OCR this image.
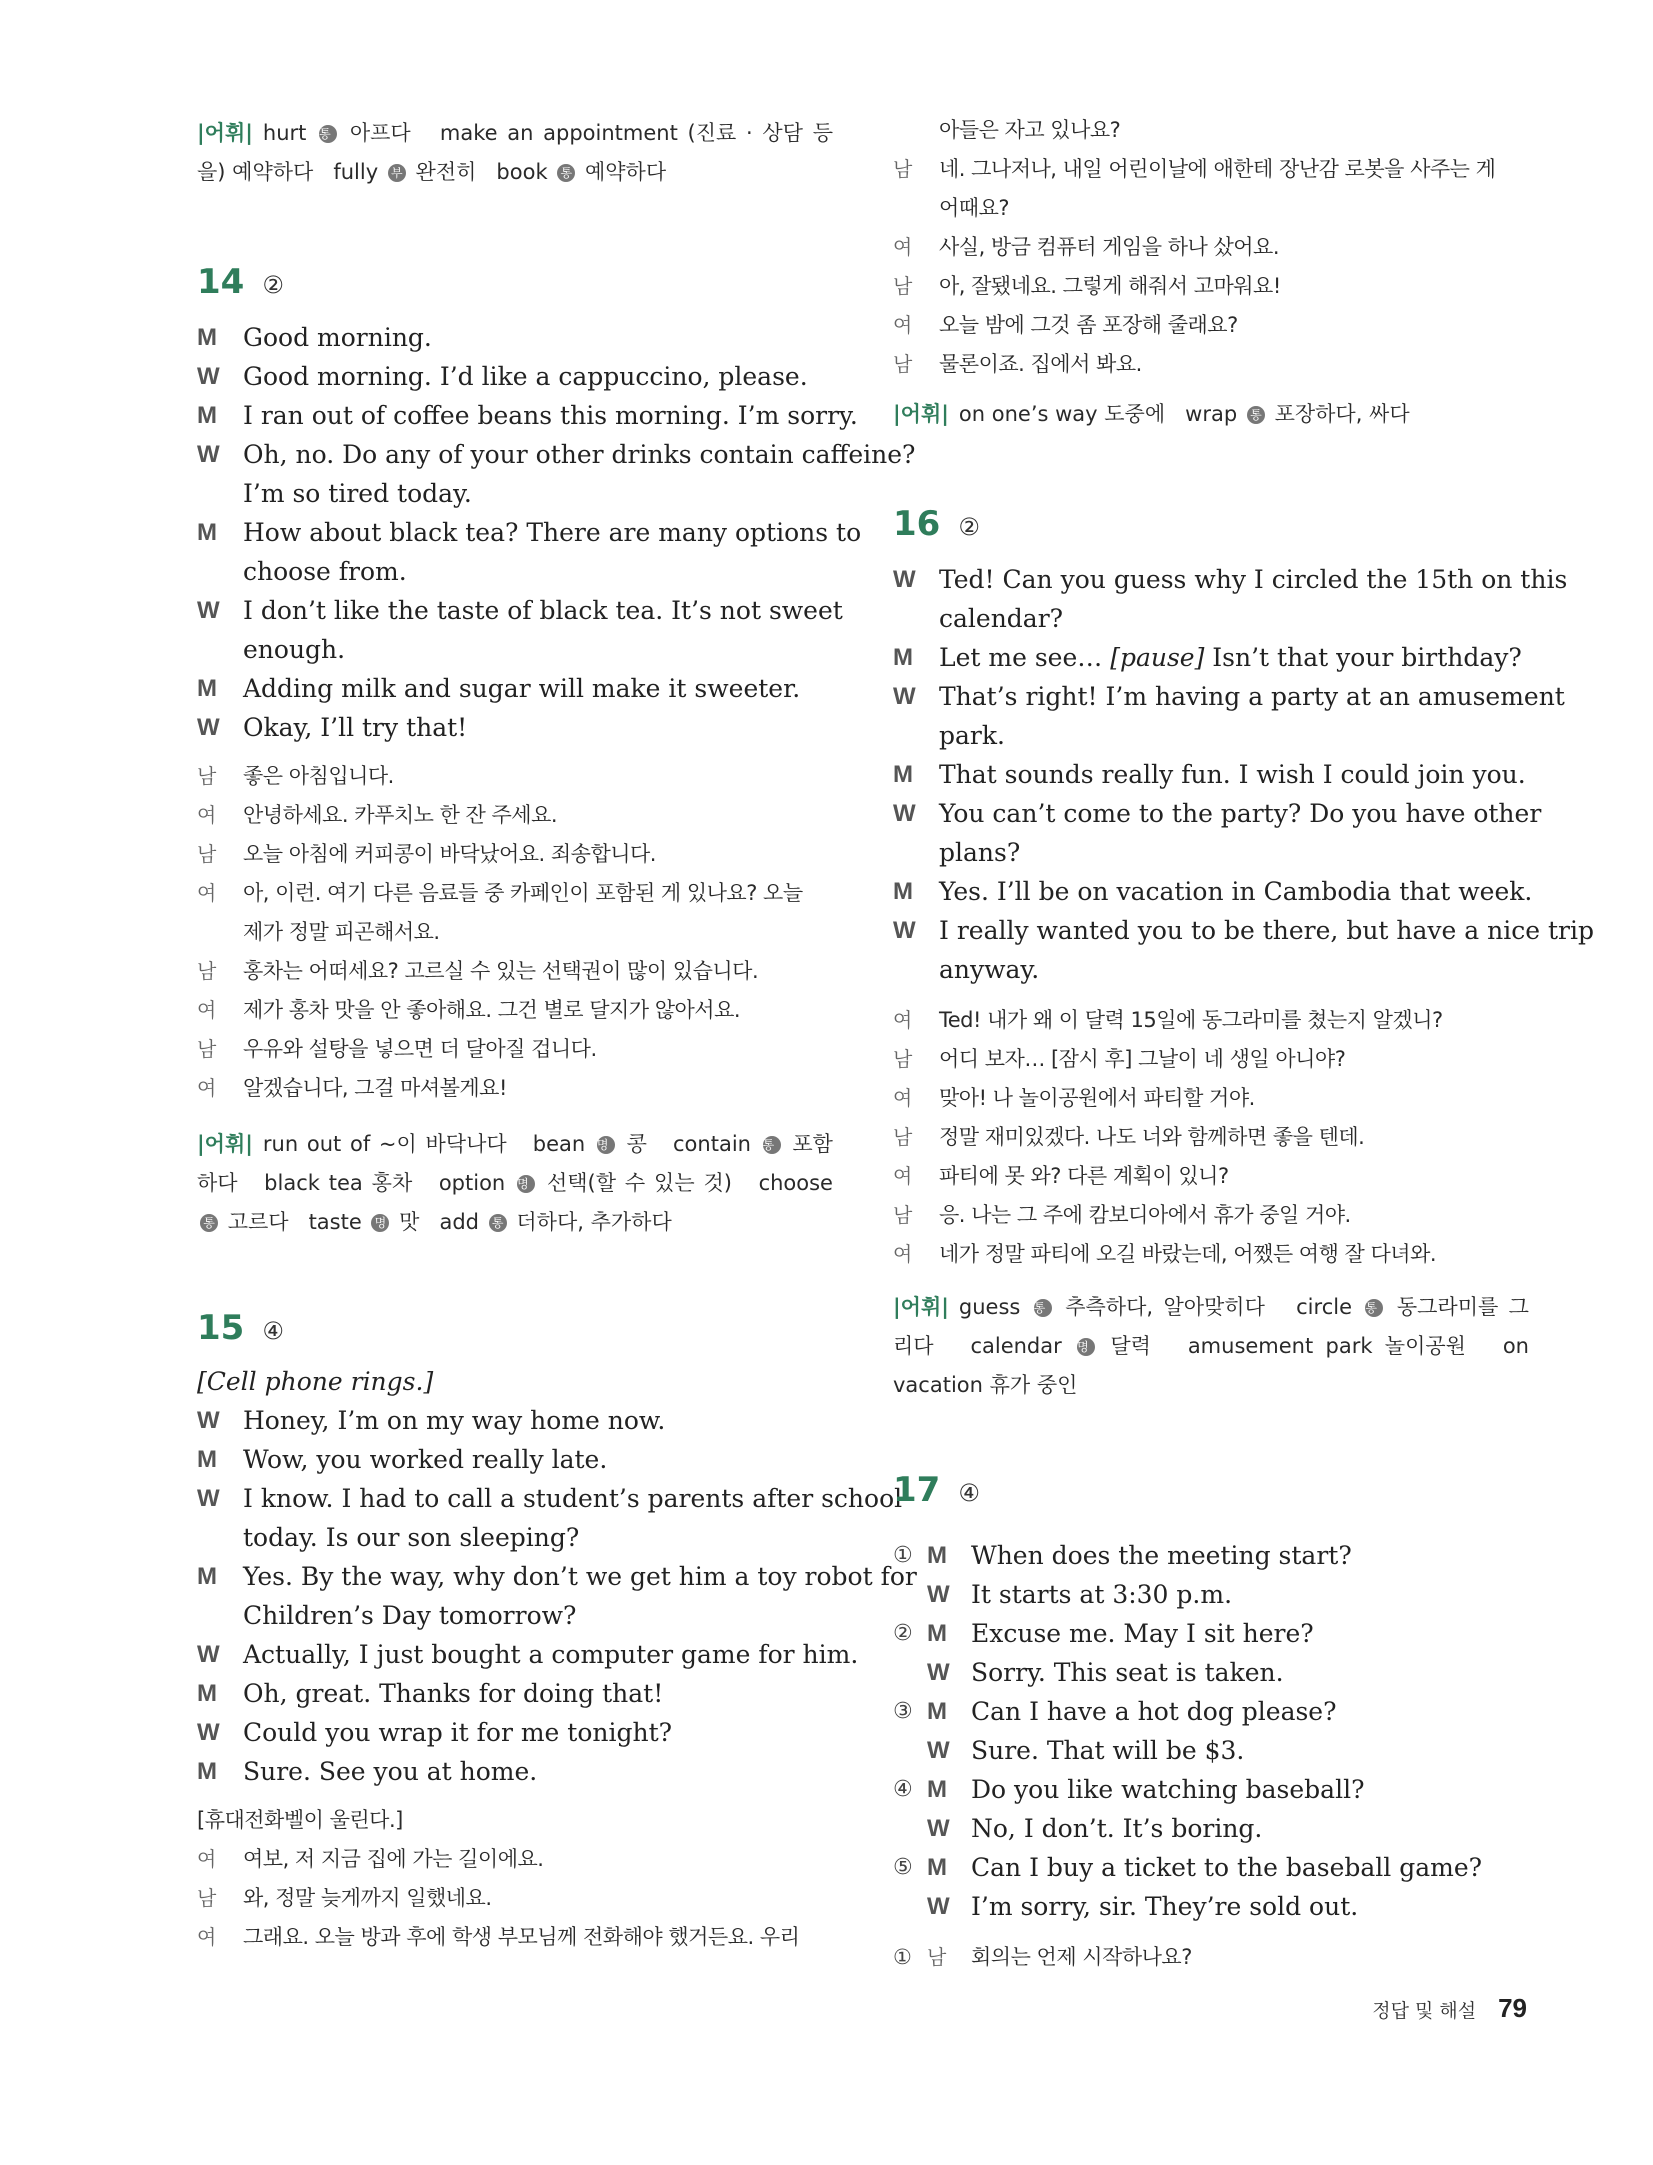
|어휘| hurt 통 아프다 make an appointment (진료 · 상담 등
을) 예약하다 fully 부 완전히 book 통 예약하다
14 ②
M Good morning.
W Good morning. I’d like a cappuccino, please.
M I ran out of coffee beans this morning. I’m sorry.
W Oh, no. Do any of your other drinks contain caffeine?
I’m so tired today.
M How about black tea? There are many options to
choose from.
W I don’t like the taste of black tea. It’s not sweet
enough.
M Adding milk and sugar will make it sweeter.
W Okay, I’ll try that!
남 좋은 아침입니다.
여 안녕하세요. 카푸치노 한 잔 주세요.
남 오늘 아침에 커피콩이 바닥났어요. 죄송합니다.
여 아, 이런. 여기 다른 음료들 중 카페인이 포함된 게 있나요? 오늘
제가 정말 피곤해서요.
남 홍차는 어떠세요? 고르실 수 있는 선택권이 많이 있습니다.
여 제가 홍차 맛을 안 좋아해요. 그건 별로 달지가 않아서요.
남 우유와 설탕을 넣으면 더 달아질 겁니다.
여 알겠습니다, 그걸 마셔볼게요!
|어휘| run out of ~이 바닥나다 bean 명 콩 contain 통 포함
하다 black tea 홍차 option 명 선택(할 수 있는 것) choose
통 고르다 taste 명 맛 add 통 더하다, 추가하다
15 ④
[Cell phone rings.]
W Honey, I’m on my way home now.
M Wow, you worked really late.
W I know. I had to call a student’s parents after school
today. Is our son sleeping?
M Yes. By the way, why don’t we get him a toy robot for
Children’s Day tomorrow?
W Actually, I just bought a computer game for him.
M Oh, great. Thanks for doing that!
W Could you wrap it for me tonight?
M Sure. See you at home.
[휴대전화벨이 울린다.]
여 여보, 저 지금 집에 가는 길이에요.
남 와, 정말 늦게까지 일했네요.
여 그래요. 오늘 방과 후에 학생 부모님께 전화해야 했거든요. 우리
아들은 자고 있나요?
남 네. 그나저나, 내일 어린이날에 애한테 장난감 로봇을 사주는 게
어때요?
여 사실, 방금 컴퓨터 게임을 하나 샀어요.
남 아, 잘됐네요. 그렇게 해줘서 고마워요!
여 오늘 밤에 그것 좀 포장해 줄래요?
남 물론이죠. 집에서 봐요.
|어휘| on one’s way 도중에 wrap 통 포장하다, 싸다
16 ②
W Ted! Can you guess why I circled the 15th on this
calendar?
M Let me see… [pause] Isn’t that your birthday?
W That’s right! I’m having a party at an amusement
park.
M That sounds really fun. I wish I could join you.
W You can’t come to the party? Do you have other
plans?
M Yes. I’ll be on vacation in Cambodia that week.
W I really wanted you to be there, but have a nice trip
anyway.
여 Ted! 내가 왜 이 달력 15일에 동그라미를 쳤는지 알겠니?
남 어디 보자… [잠시 후] 그날이 네 생일 아니야?
여 맞아! 나 놀이공원에서 파티할 거야.
남 정말 재미있겠다. 나도 너와 함께하면 좋을 텐데.
여 파티에 못 와? 다른 계획이 있니?
남 응. 나는 그 주에 캄보디아에서 휴가 중일 거야.
여 네가 정말 파티에 오길 바랐는데, 어쨌든 여행 잘 다녀와.
|어휘| guess 통 추측하다, 알아맞히다 circle 통 동그라미를 그
리다 calendar 명 달력 amusement park 놀이공원 on
vacation 휴가 중인
17 ④
① M When does the meeting start?
W It starts at 3:30 p.m.
② M Excuse me. May I sit here?
W Sorry. This seat is taken.
③ M Can I have a hot dog please?
W Sure. That will be $3.
④ M Do you like watching baseball?
W No, I don’t. It’s boring.
⑤ M Can I buy a ticket to the baseball game?
W I’m sorry, sir. They’re sold out.
① 남 회의는 언제 시작하나요?
정답 및 해설 79
